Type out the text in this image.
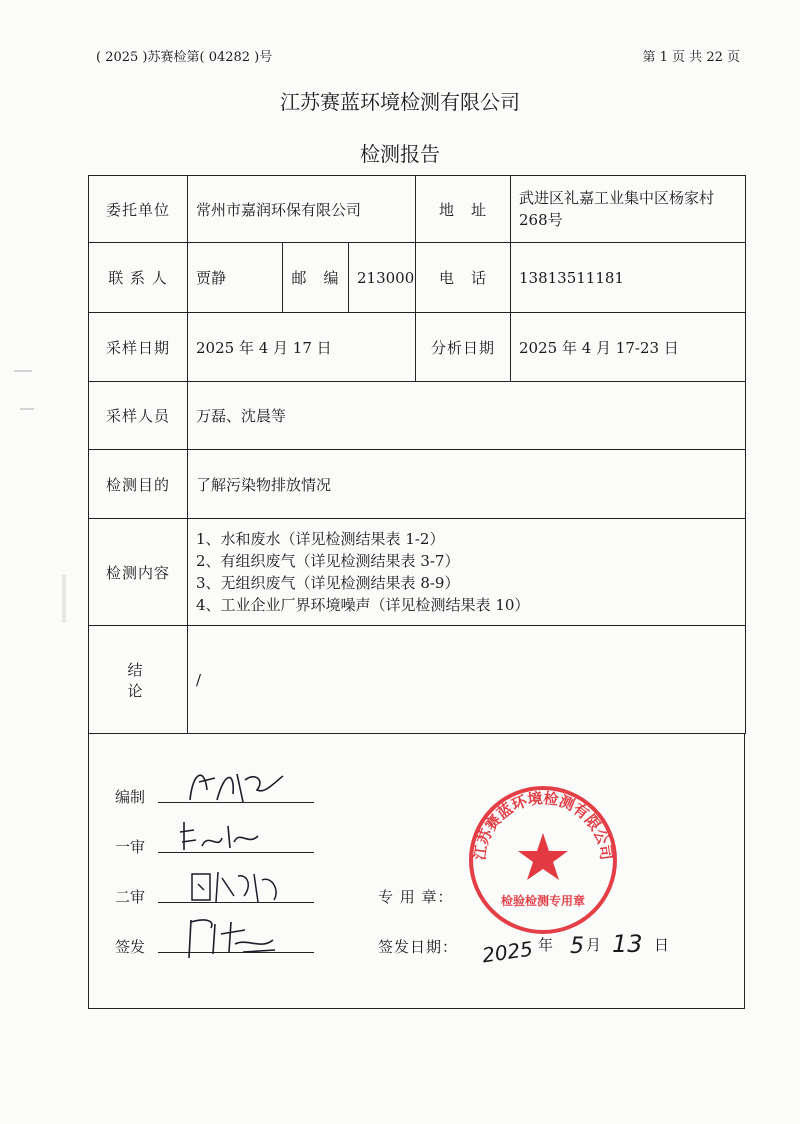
( 2025 )苏赛检第( 04282 )号	第 1 页 共 22 页
江苏赛蓝环境检测有限公司
检测报告
委托单位	常州市嘉润环保有限公司			地　址	武进区礼嘉工业集中区杨家村268号
联 系 人	贾静	邮　编	213000	电　话	13813511181
采样日期	2025 年 4 月 17 日			分析日期	2025 年 4 月 17-23 日
采样人员	万磊、沈晨等				
检测目的	了解污染物排放情况				
检测内容	1、水和废水（详见检测结果表 1-2）
2、有组织废气（详见检测结果表 3-7）
3、无组织废气（详见检测结果表 8-9）
4、工业企业厂界环境噪声（详见检测结果表 10）				

结　　论	/				
编制
一审
二审
签发
专 用 章：
签发日期： 2025 年 5 月 13 日
江苏赛蓝环境检测有限公司
检验检测专用章
